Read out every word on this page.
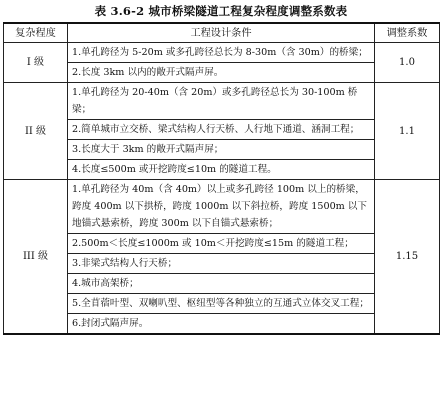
表 3.6-2 城市桥梁隧道工程复杂程度调整系数表
复杂程度	工程设计条件	调整系数
I 级	1.单孔跨径为 5-20m 或多孔跨径总长为 8-30m（含 30m）的桥梁；	1.0
	2.长度 3km 以内的敞开式隔声屏。	
II 级	1.单孔跨径为 20-40m（含 20m）或多孔跨径总长为 30-100m 桥梁；	1.1
	2.简单城市立交桥、梁式结构人行天桥、人行地下通道、涵洞工程；	
	3.长度大于 3km 的敞开式隔声屏；	
	4.长度≤500m 或开挖跨度≤10m 的隧道工程。	
III 级	1.单孔跨径为 40m（含 40m）以上或多孔跨径 100m 以上的桥梁，跨度 400m 以下拱桥，跨度 1000m 以下斜拉桥，跨度 1500m 以下地锚式悬索桥，跨度 300m 以下自锚式悬索桥；	1.15
	2.500m＜长度≤1000m 或 10m＜开挖跨度≤15m 的隧道工程；	
	3.非梁式结构人行天桥；	
	4.城市高架桥；	
	5.全苜蓿叶型、双喇叭型、枢纽型等各种独立的互通式立体交叉工程；	
	6.封闭式隔声屏。	
